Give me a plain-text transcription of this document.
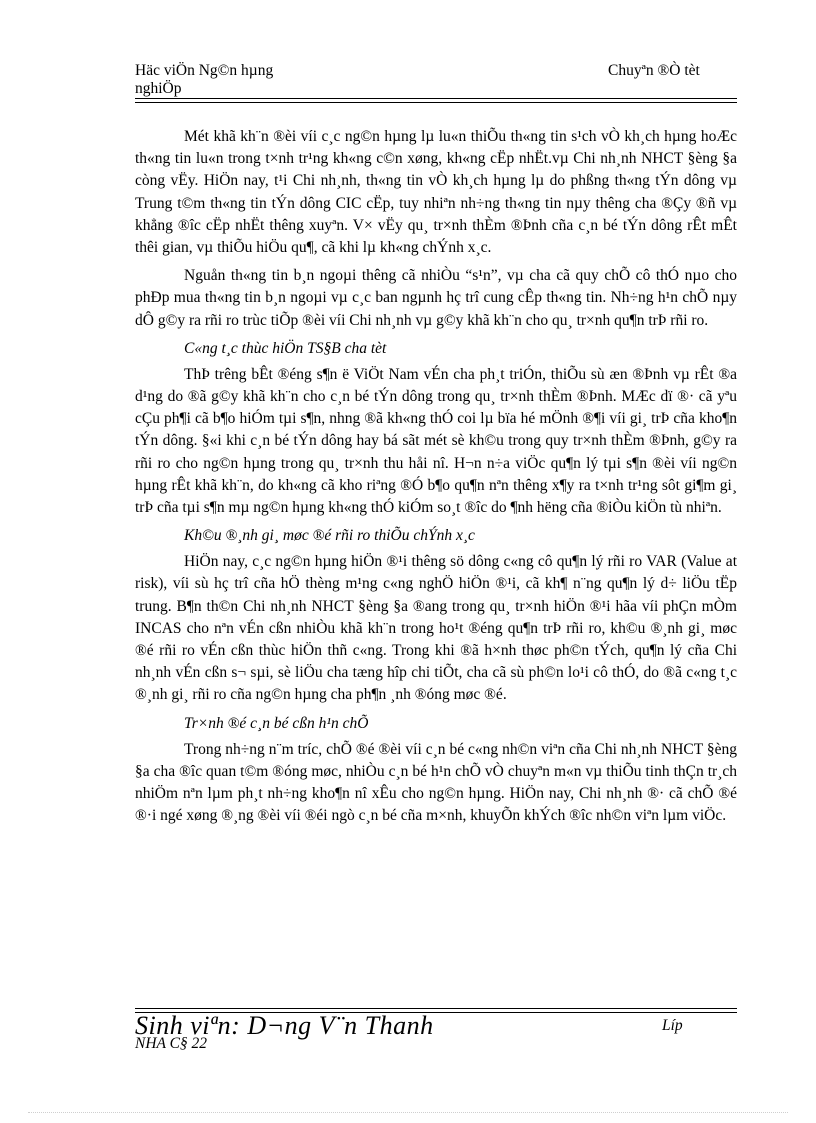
Häc viÖn Ng©n hµng
nghiÖp
Chuyªn ®Ò tèt

Mét khã kh¨n ®èi víi c¸c ng©n hµng lµ lu«n thiÕu th«ng tin s¹ch vÒ kh¸ch hµng hoÆc th«ng tin lu«n trong t×nh tr¹ng kh«ng c©n xøng, kh«ng cËp nhËt.vµ Chi nh¸nh NHCT §èng §a còng vËy. HiÖn nay, t¹i Chi nh¸nh, th«ng tin vÒ kh¸ch hµng lµ do phßng th«ng tÝn dông vµ Trung t©m th«ng tin tÝn dông CIC cËp, tuy nhiªn nh÷ng th«ng tin nµy thêng cha ®Çy ®ñ vµ khẳng ®îc cËp nhËt thêng xuyªn. V× vËy qu¸ tr×nh thÈm ®Þnh cña c¸n bé tÝn dông rÊt mÊt thêi gian, vµ thiÕu hiÖu qu¶, cã khi lµ kh«ng chÝnh x¸c.

Nguån th«ng tin b¸n ngoµi thêng cã nhiÒu “s¹n”, vµ cha cã quy chÕ cô thÓ nµo cho phÐp mua th«ng tin b¸n ngoµi vµ c¸c ban ngµnh hç trî cung cÊp th«ng tin. Nh÷ng h¹n chÕ nµy dÔ g©y ra rñi ro trùc tiÕp ®èi víi Chi nh¸nh vµ g©y khã kh¨n cho qu¸ tr×nh qu¶n trÞ rñi ro.

C«ng t¸c thùc hiÖn TS§B cha tèt

ThÞ trêng bÊt ®éng s¶n ë ViÖt Nam vÉn cha ph¸t triÓn, thiÕu sù æn ®Þnh vµ rÊt ®a d¹ng do ®ã g©y khã kh¨n cho c¸n bé tÝn dông trong qu¸ tr×nh thÈm ®Þnh. MÆc dï ®· cã yªu cÇu ph¶i cã b¶o hiÓm tµi s¶n, nhng ®ã kh«ng thÓ coi lµ bïa hé mÖnh ®¶i víi gi¸ trÞ cña kho¶n tÝn dông. §«i khi c¸n bé tÝn dông hay bá sãt mét sè kh©u trong quy tr×nh thÈm ®Þnh, g©y ra rñi ro cho ng©n hµng trong qu¸ tr×nh thu håi nî. H¬n n÷a viÖc qu¶n lý tµi s¶n ®èi víi ng©n hµng rÊt khã kh¨n, do kh«ng cã kho riªng ®Ó b¶o qu¶n nªn thêng x¶y ra t×nh tr¹ng sôt gi¶m gi¸ trÞ cña tµi s¶n mµ ng©n hµng kh«ng thÓ kiÓm so¸t ®îc do ¶nh hëng cña ®iÒu kiÖn tù nhiªn.

Kh©u ®¸nh gi¸ møc ®é rñi ro thiÕu chÝnh x¸c

HiÖn nay, c¸c ng©n hµng hiÖn ®¹i thêng sö dông c«ng cô qu¶n lý rñi ro VAR (Value at risk), víi sù hç trî cña hÖ thèng m¹ng c«ng nghÖ hiÖn ®¹i, cã kh¶ n¨ng qu¶n lý d÷ liÖu tËp trung. B¶n th©n Chi nh¸nh NHCT §èng §a ®ang trong qu¸ tr×nh hiÖn ®¹i hãa víi phÇn mÒm INCAS cho nªn vÉn cßn nhiÒu khã kh¨n trong ho¹t ®éng qu¶n trÞ rñi ro, kh©u ®¸nh gi¸ møc ®é rñi ro vÉn cßn thùc hiÖn thñ c«ng. Trong khi ®ã h×nh thøc ph©n tÝch, qu¶n lý cña Chi nh¸nh vÉn cßn s¬ sµi, sè liÖu cha tæng hîp chi tiÕt, cha cã sù ph©n lo¹i cô thÓ, do ®ã c«ng t¸c ®¸nh gi¸ rñi ro cña ng©n hµng cha ph¶n ¸nh ®óng møc ®é.

Tr×nh ®é c¸n bé cßn h¹n chÕ

Trong nh÷ng n¨m tríc, chÕ ®é ®èi víi c¸n bé c«ng nh©n viªn cña Chi nh¸nh NHCT §èng §a cha ®îc quan t©m ®óng møc, nhiÒu c¸n bé h¹n chÕ vÒ chuyªn m«n vµ thiÕu tinh thÇn tr¸ch nhiÖm nªn lµm ph¸t nh÷ng kho¶n nî xÊu cho ng©n hµng. HiÖn nay, Chi nh¸nh ®· cã chÕ ®é ®·i ngé xøng ®¸ng ®èi víi ®éi ngò c¸n bé cña m×nh, khuyÕn khÝch ®îc nh©n viªn lµm viÖc.

Sinh viªn: D¬ng V¨n Thanh	Líp
NHA C§ 22
